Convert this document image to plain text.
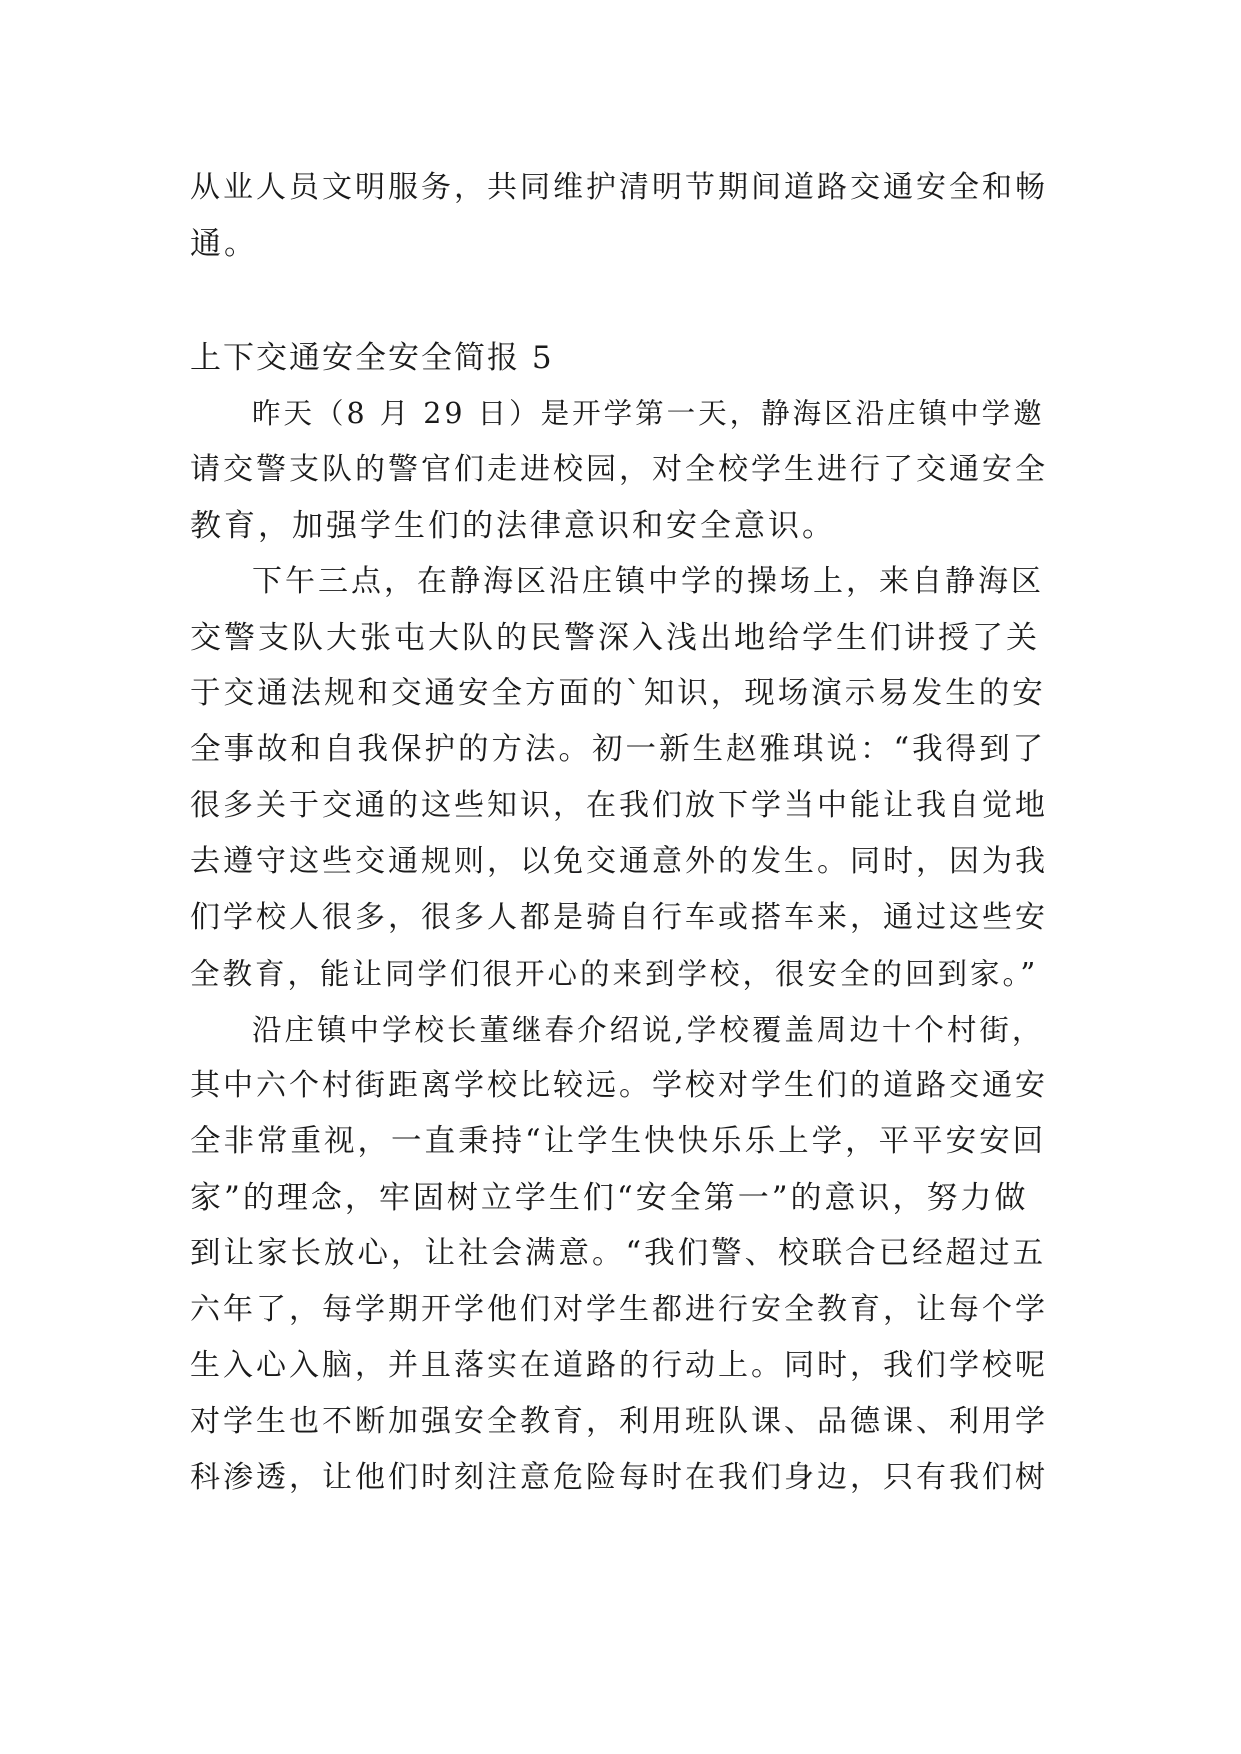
从业人员文明服务，共同维护清明节期间道路交通安全和畅
通。
上下交通安全安全简报 5
昨天（8 月 29 日）是开学第一天，静海区沿庄镇中学邀
请交警支队的警官们走进校园，对全校学生进行了交通安全
教育，加强学生们的法律意识和安全意识。
下午三点，在静海区沿庄镇中学的操场上，来自静海区
交警支队大张屯大队的民警深入浅出地给学生们讲授了关
于交通法规和交通安全方面的`知识，现场演示易发生的安
全事故和自我保护的方法。初一新生赵雅琪说：“我得到了
很多关于交通的这些知识，在我们放下学当中能让我自觉地
去遵守这些交通规则，以免交通意外的发生。同时，因为我
们学校人很多，很多人都是骑自行车或搭车来，通过这些安
全教育，能让同学们很开心的来到学校，很安全的回到家。”
沿庄镇中学校长董继春介绍说,学校覆盖周边十个村街，
其中六个村街距离学校比较远。学校对学生们的道路交通安
全非常重视，一直秉持“让学生快快乐乐上学，平平安安回
家”的理念，牢固树立学生们“安全第一”的意识，努力做
到让家长放心，让社会满意。“我们警、校联合已经超过五
六年了，每学期开学他们对学生都进行安全教育，让每个学
生入心入脑，并且落实在道路的行动上。同时，我们学校呢
对学生也不断加强安全教育，利用班队课、品德课、利用学
科渗透，让他们时刻注意危险每时在我们身边，只有我们树
